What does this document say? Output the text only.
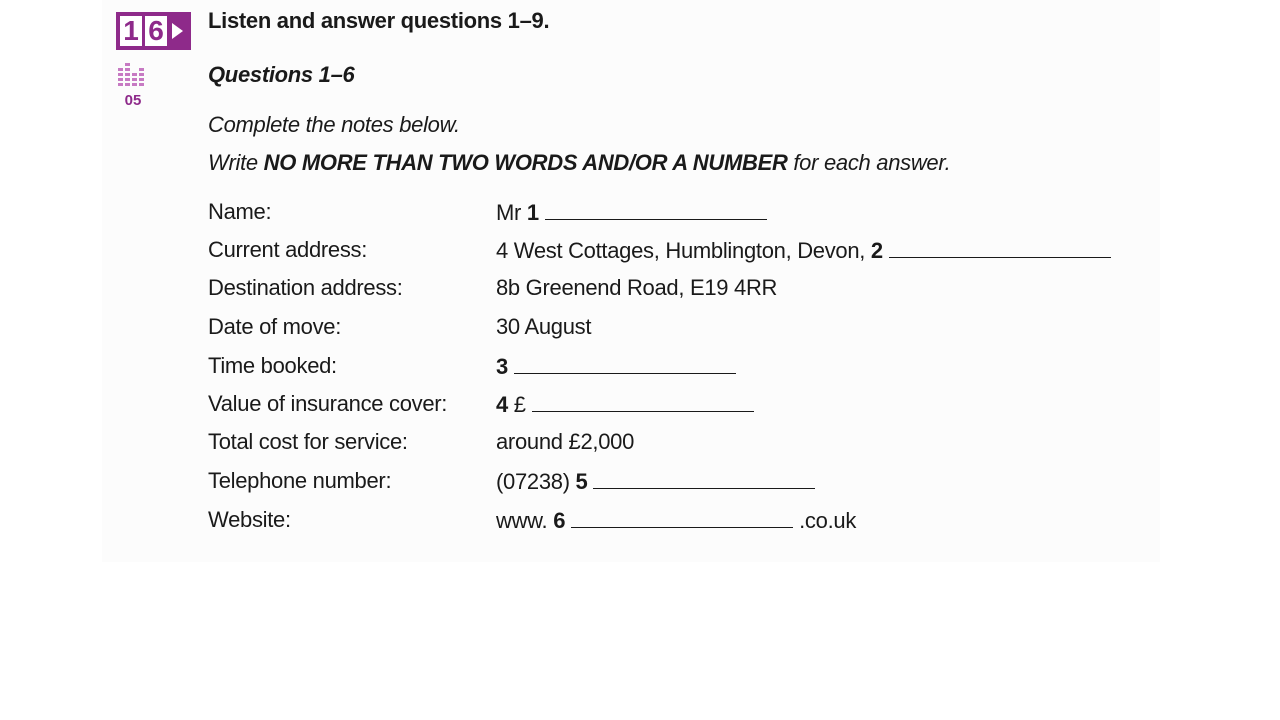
1 6
05
Listen and answer questions 1–9.
Questions 1–6
Complete the notes below.
Write NO MORE THAN TWO WORDS AND/OR A NUMBER for each answer.
Name:	Mr 1
Current address:	4 West Cottages, Humblington, Devon, 2
Destination address:	8b Greenend Road, E19 4RR
Date of move:	30 August
Time booked:	3
Value of insurance cover: 4 £
Total cost for service:	around £2,000
Telephone number:	(07238) 5
Website:	www. 6	.co.uk
